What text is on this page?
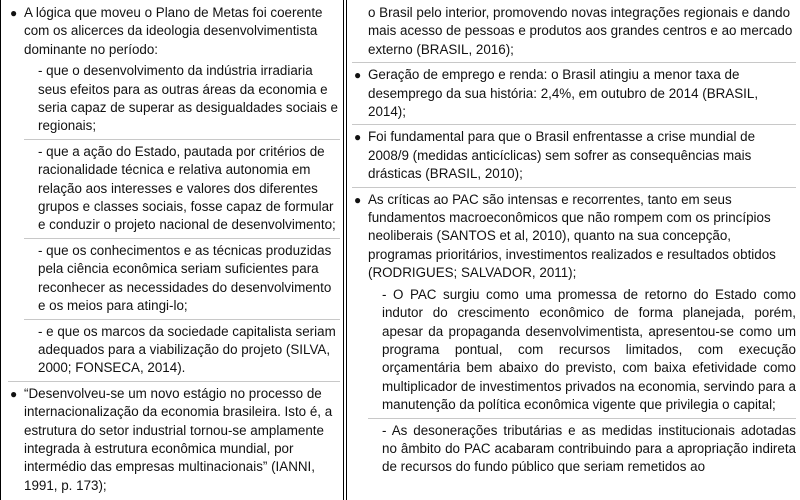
● A lógica que moveu o Plano de Metas foi coerente com os alicerces da ideologia desenvolvimentista dominante no período:

- que o desenvolvimento da indústria irradiaria seus efeitos para as outras áreas da economia e seria capaz de superar as desigualdades sociais e regionais;

- que a ação do Estado, pautada por critérios de racionalidade técnica e relativa autonomia em relação aos interesses e valores dos diferentes grupos e classes sociais, fosse capaz de formular e conduzir o projeto nacional de desenvolvimento;

- que os conhecimentos e as técnicas produzidas pela ciência econômica seriam suficientes para reconhecer as necessidades do desenvolvimento e os meios para atingi-lo;

- e que os marcos da sociedade capitalista seriam adequados para a viabilização do projeto (SILVA, 2000; FONSECA, 2014).

● “Desenvolveu-se um novo estágio no processo de internacionalização da economia brasileira. Isto é, a estrutura do setor industrial tornou-se amplamente integrada à estrutura econômica mundial, por intermédio das empresas multinacionais” (IANNI, 1991, p. 173);

o Brasil pelo interior, promovendo novas integrações regionais e dando mais acesso de pessoas e produtos aos grandes centros e ao mercado externo (BRASIL, 2016);

● Geração de emprego e renda: o Brasil atingiu a menor taxa de desemprego da sua história: 2,4%, em outubro de 2014 (BRASIL, 2014);

● Foi fundamental para que o Brasil enfrentasse a crise mundial de 2008/9 (medidas anticíclicas) sem sofrer as consequências mais drásticas (BRASIL, 2010);

● As críticas ao PAC são intensas e recorrentes, tanto em seus fundamentos macroeconômicos que não rompem com os princípios neoliberais (SANTOS et al, 2010), quanto na sua concepção, programas prioritários, investimentos realizados e resultados obtidos (RODRIGUES; SALVADOR, 2011);

- O PAC surgiu como uma promessa de retorno do Estado como indutor do crescimento econômico de forma planejada, porém, apesar da propaganda desenvolvimentista, apresentou-se como um programa pontual, com recursos limitados, com execução orçamentária bem abaixo do previsto, com baixa efetividade como multiplicador de investimentos privados na economia, servindo para a manutenção da política econômica vigente que privilegia o capital;

- As desonerações tributárias e as medidas institucionais adotadas no âmbito do PAC acabaram contribuindo para a apropriação indireta de recursos do fundo público que seriam remetidos ao
